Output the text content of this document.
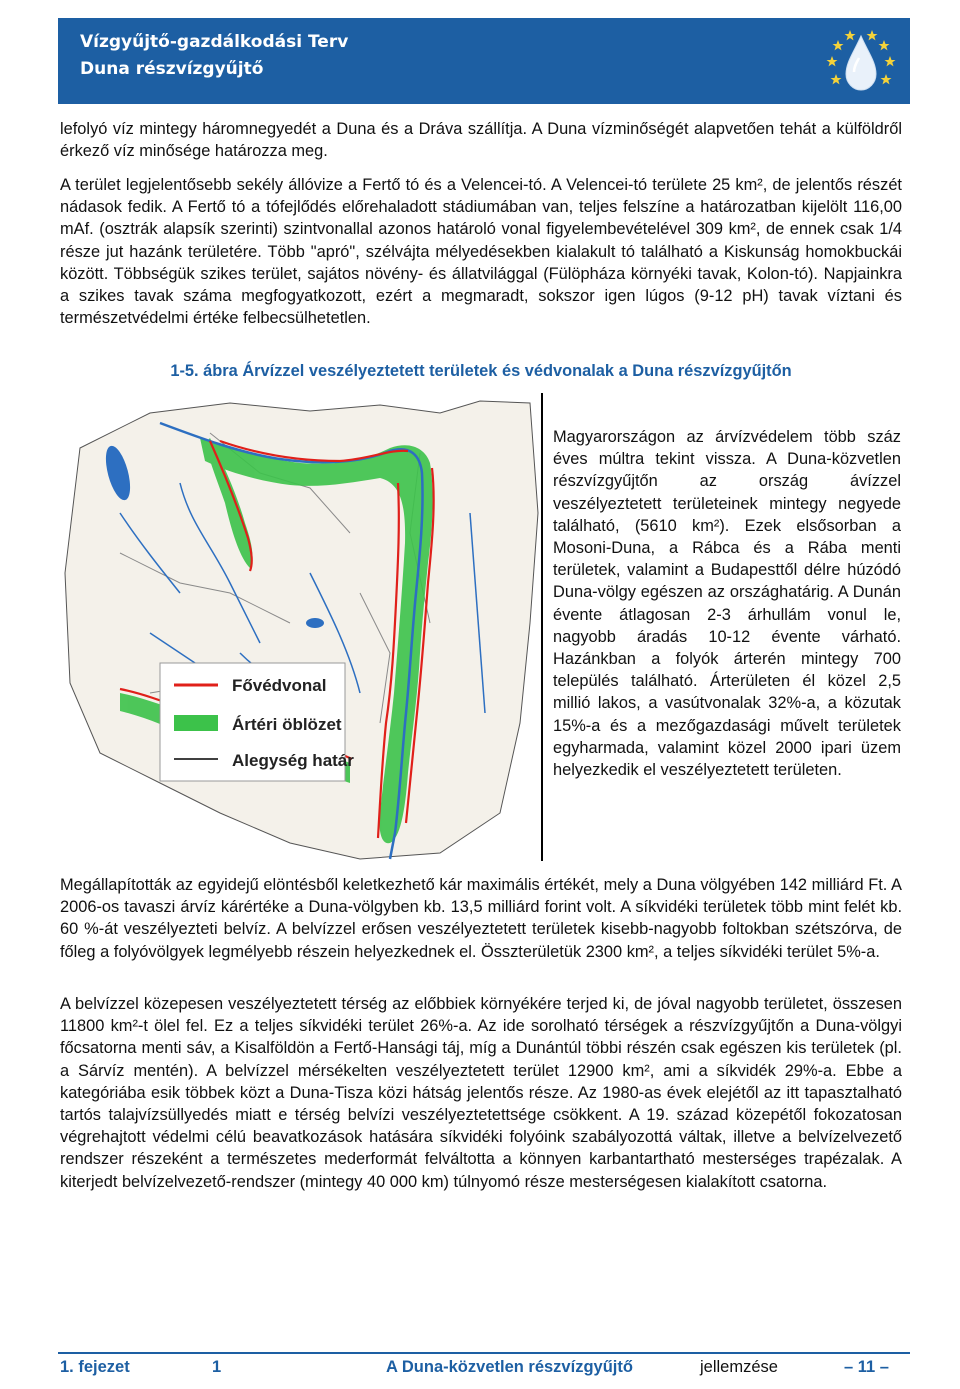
Vízgyűjtő-gazdálkodási Terv
Duna részvízgyűjtő
lefolyó víz mintegy háromnegyedét a Duna és a Dráva szállítja. A Duna vízminőségét alapvetően tehát a külföldről érkező víz minősége határozza meg.
A terület legjelentősebb sekély állóvize a Fertő tó és a Velencei-tó. A Velencei-tó területe 25 km², de jelentős részét nádasok fedik. A Fertő tó a tófejlődés előrehaladott stádiumában van, teljes felszíne a határozatban kijelölt 116,00 mAf. (osztrák alapsík szerinti) szintvonallal azonos határoló vonal figyelembevételével 309 km², de ennek csak 1/4 része jut hazánk területére. Több "apró", szélvájta mélyedésekben kialakult tó található a Kiskunság homokbuckái között. Többségük szikes terület, sajátos növény- és állatvilággal (Fülöpháza környéki tavak, Kolon-tó). Napjainkra a szikes tavak száma megfogyatkozott, ezért a megmaradt, sokszor igen lúgos (9-12 pH) tavak víztani és természetvédelmi értéke felbecsülhetetlen.
1-5. ábra Árvízzel veszélyeztetett területek és védvonalak a Duna részvízgyűjtőn
Fővédvonal
Ártéri öblözet
Alegység határ
Magyarországon az árvízvédelem több száz éves múltra tekint vissza. A Duna-közvetlen részvízgyűjtőn az ország ávízzel veszélyeztetett területeinek mintegy negyede található, (5610 km²). Ezek elsősorban a Mosoni-Duna, a Rábca és a Rába menti területek, valamint a Budapesttől délre húzódó Duna-völgy egészen az országhatárig. A Dunán évente átlagosan 2-3 árhullám vonul le, nagyobb áradás 10-12 évente várható. Hazánkban a folyók árterén mintegy 700 település található. Árterületen él közel 2,5 millió lakos, a vasútvonalak 32%-a, a közutak 15%-a és a mezőgazdasági művelt területek egyharmada, valamint közel 2000 ipari üzem helyezkedik el veszélyeztetett területen.
Megállapították az egyidejű elöntésből keletkezhető kár maximális értékét, mely a Duna völgyében 142 milliárd Ft. A 2006-os tavaszi árvíz kárértéke a Duna-völgyben kb. 13,5 milliárd forint volt. A síkvidéki területek több mint felét kb. 60 %-át veszélyezteti belvíz. A belvízzel erősen veszélyeztetett területek kisebb-nagyobb foltokban szétszórva, de főleg a folyóvölgyek legmélyebb részein helyezkednek el. Összterületük 2300 km², a teljes síkvidéki terület 5%-a.
A belvízzel közepesen veszélyeztetett térség az előbbiek környékére terjed ki, de jóval nagyobb területet, összesen 11800 km²-t ölel fel. Ez a teljes síkvidéki terület 26%-a. Az ide sorolható térségek a részvízgyűjtőn a Duna-völgyi főcsatorna menti sáv, a Kisalföldön a Fertő-Hansági táj, míg a Dunántúl többi részén csak egészen kis területek (pl. a Sárvíz mentén). A belvízzel mérsékelten veszélyeztetett terület 12900 km², ami a síkvidék 29%-a. Ebbe a kategóriába esik többek közt a Duna-Tisza közi hátság jelentős része. Az 1980-as évek elejétől az itt tapasztalható tartós talajvízsüllyedés miatt e térség belvízi veszélyeztetettsége csökkent. A 19. század közepétől fokozatosan végrehajtott védelmi célú beavatkozások hatására síkvidéki folyóink szabályozottá váltak, illetve a belvízelvezető rendszer részeként a természetes mederformát felváltotta a könnyen karbantartható mesterséges trapézalak. A kiterjedt belvízelvezető-rendszer (mintegy 40 000 km) túlnyomó része mesterségesen kialakított csatorna.
1. fejezet	1	A Duna-közvetlen részvízgyűjtő	jellemzése	– 11 –
